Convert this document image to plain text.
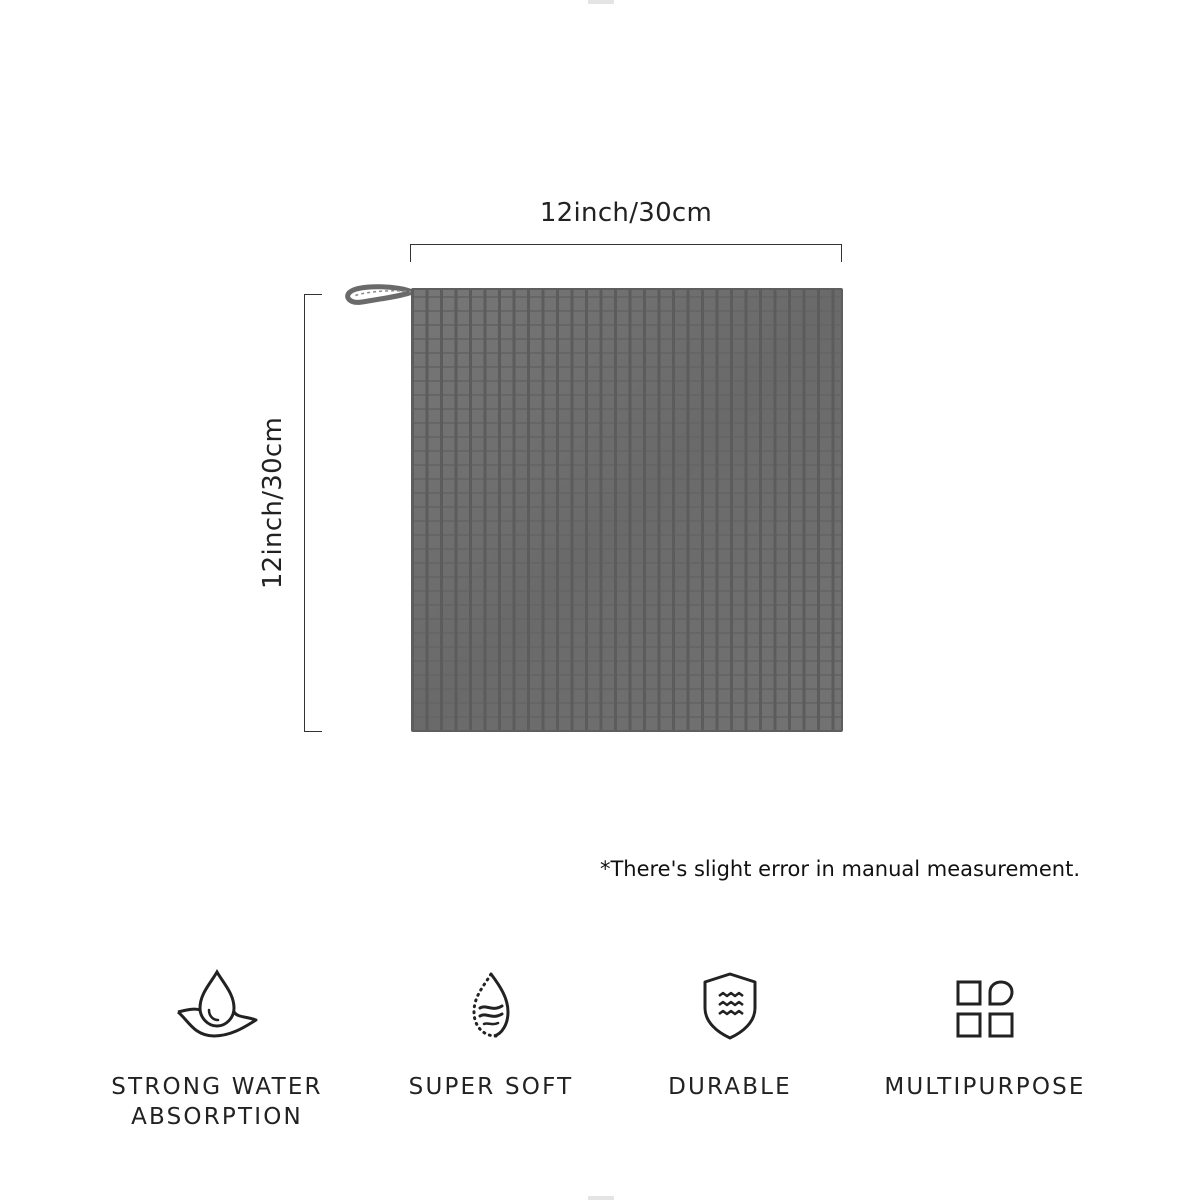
12inch/30cm
12inch/30cm
*There's slight error in manual measurement.
STRONG WATER
ABSORPTION
SUPER SOFT	DURABLE	MULTIPURPOSE
